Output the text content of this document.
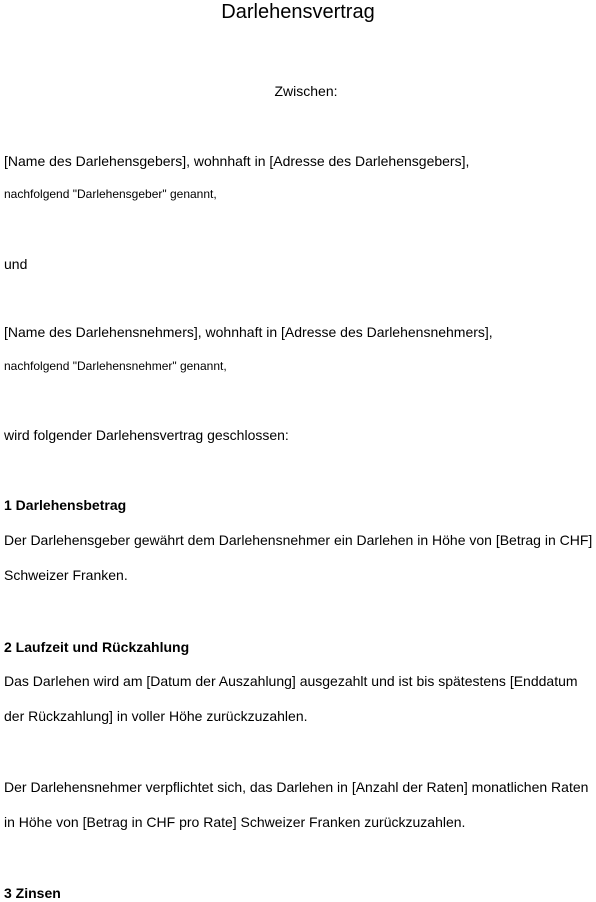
Darlehensvertrag

Zwischen:

[Name des Darlehensgebers], wohnhaft in [Adresse des Darlehensgebers],

nachfolgend "Darlehensgeber" genannt,

und

[Name des Darlehensnehmers], wohnhaft in [Adresse des Darlehensnehmers],

nachfolgend "Darlehensnehmer" genannt,

wird folgender Darlehensvertrag geschlossen:

1 Darlehensbetrag

Der Darlehensgeber gewährt dem Darlehensnehmer ein Darlehen in Höhe von [Betrag in CHF] Schweizer Franken.

2 Laufzeit und Rückzahlung

Das Darlehen wird am [Datum der Auszahlung] ausgezahlt und ist bis spätestens [Enddatum der Rückzahlung] in voller Höhe zurückzuzahlen.

Der Darlehensnehmer verpflichtet sich, das Darlehen in [Anzahl der Raten] monatlichen Raten in Höhe von [Betrag in CHF pro Rate] Schweizer Franken zurückzuzahlen.

3 Zinsen
